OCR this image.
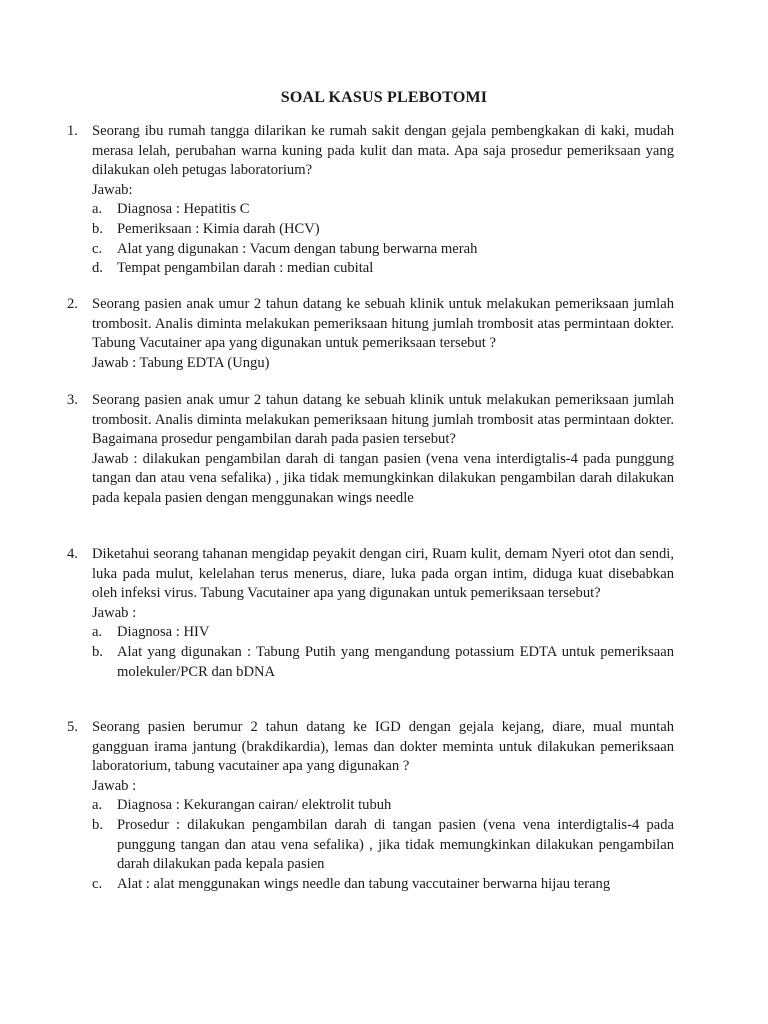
SOAL KASUS PLEBOTOMI
1. Seorang ibu rumah tangga dilarikan ke rumah sakit dengan gejala pembengkakan di kaki, mudah merasa lelah, perubahan warna kuning pada kulit dan mata. Apa saja prosedur pemeriksaan yang dilakukan oleh petugas laboratorium?
Jawab:
a. Diagnosa : Hepatitis C
b. Pemeriksaan : Kimia darah (HCV)
c. Alat yang digunakan : Vacum dengan tabung berwarna merah
d. Tempat pengambilan darah : median cubital
2. Seorang pasien anak umur 2 tahun datang ke sebuah klinik untuk melakukan pemeriksaan jumlah trombosit. Analis diminta melakukan pemeriksaan hitung jumlah trombosit atas permintaan dokter. Tabung Vacutainer apa yang digunakan untuk pemeriksaan tersebut ?
Jawab : Tabung EDTA (Ungu)
3. Seorang pasien anak umur 2 tahun datang ke sebuah klinik untuk melakukan pemeriksaan jumlah trombosit. Analis diminta melakukan pemeriksaan hitung jumlah trombosit atas permintaan dokter. Bagaimana prosedur pengambilan darah pada pasien tersebut?
Jawab : dilakukan pengambilan darah di tangan pasien (vena vena interdigtalis-4 pada punggung tangan dan atau vena sefalika) , jika tidak memungkinkan dilakukan pengambilan darah dilakukan pada kepala pasien dengan menggunakan wings needle
4. Diketahui seorang tahanan mengidap peyakit dengan ciri, Ruam kulit, demam Nyeri otot dan sendi, luka pada mulut, kelelahan terus menerus, diare, luka pada organ intim, diduga kuat disebabkan oleh infeksi virus. Tabung Vacutainer apa yang digunakan untuk pemeriksaan tersebut?
Jawab :
a. Diagnosa : HIV
b. Alat yang digunakan : Tabung Putih yang mengandung potassium EDTA untuk pemeriksaan molekuler/PCR dan bDNA
5. Seorang pasien berumur 2 tahun datang ke IGD dengan gejala kejang, diare, mual muntah gangguan irama jantung (brakdikardia), lemas dan dokter meminta untuk dilakukan pemeriksaan laboratorium, tabung vacutainer apa yang digunakan ?
Jawab :
a. Diagnosa : Kekurangan cairan/ elektrolit tubuh
b. Prosedur : dilakukan pengambilan darah di tangan pasien (vena vena interdigtalis-4 pada punggung tangan dan atau vena sefalika) , jika tidak memungkinkan dilakukan pengambilan darah dilakukan pada kepala pasien
c. Alat : alat menggunakan wings needle dan tabung vaccutainer berwarna hijau terang
